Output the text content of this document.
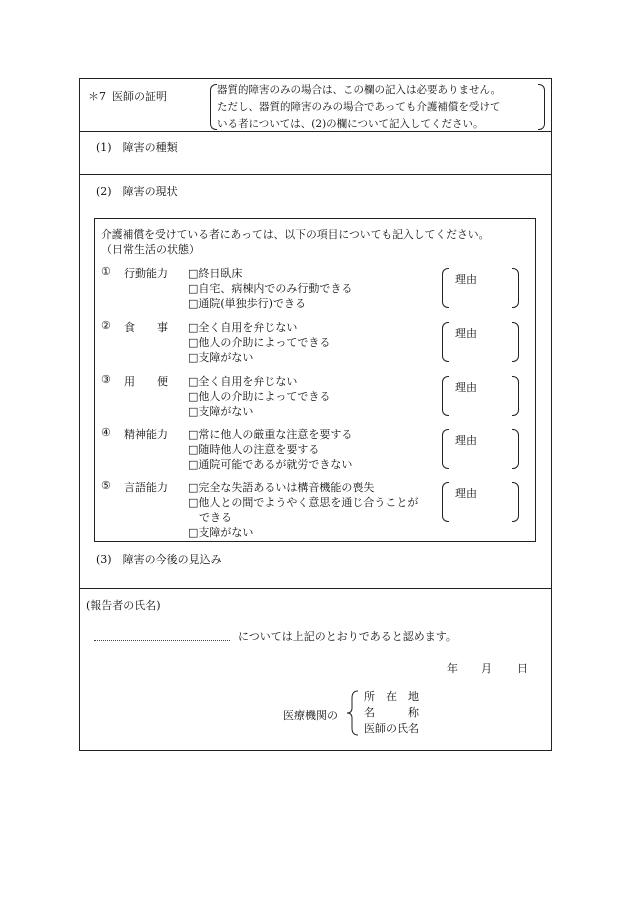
＊7 医師の証明	器質的障害のみの場合は、この欄の記入は必要ありません。
ただし、器質的障害のみの場合であっても介護補償を受けて
いる者については、(2)の欄について記入してください。
(1)　障害の種類
(2)　障害の現状
介護補償を受けている者にあっては、以下の項目についても記入してください。
（日常生活の状態）
① 行動能力 □終日臥床
□自宅、病棟内でのみ行動できる
□通院(単独歩行)できる
理由
② 食　　事 □全く自用を弁じない
□他人の介助によってできる
□支障がない
理由
③ 用　　便 □全く自用を弁じない
□他人の介助によってできる
□支障がない
理由
④ 精神能力 □常に他人の厳重な注意を要する
□随時他人の注意を要する
□通院可能であるが就労できない
理由
⑤ 言語能力 □完全な失語あるいは構音機能の喪失
□他人との間でようやく意思を通じ合うことが
　できる
□支障がない
理由
(3)　障害の今後の見込み
(報告者の氏名)
については上記のとおりであると認めます。
年 月 日
医療機関の
所　在　地
名　　　称
医師の氏名
